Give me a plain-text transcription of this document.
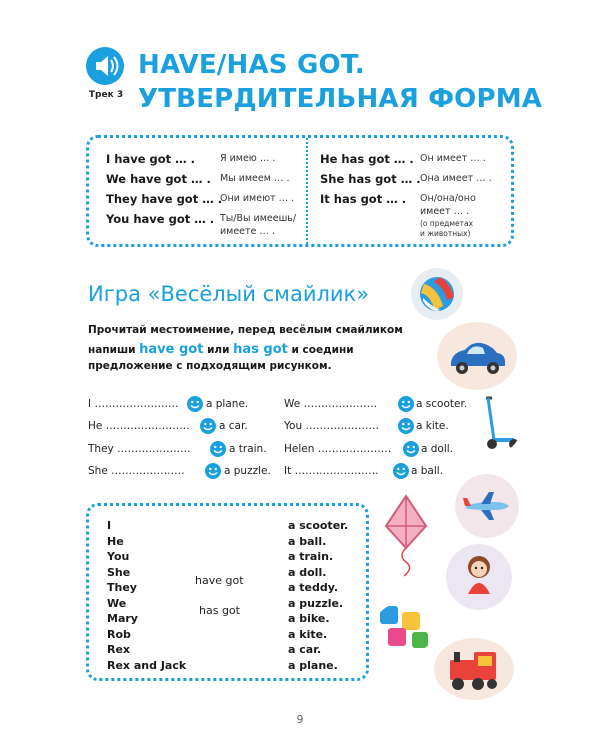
Трек 3
HAVE/HAS GOT.
УТВЕРДИТЕЛЬНАЯ ФОРМА
I have got … .	Я имею … .
We have got … . Мы имеем … .
They have got … .
Они имеют … .
You have got … . Ты/Вы имеешь/
имеете … .
He has got … . Он имеет … .
She has got … . Она имеет … .
It has got … . Он/она/оно
имеет … .
(о предметах
и животных)
Игра «Весёлый смайлик»
Прочитай местоимение, перед весёлым смайликом
напиши have got или has got и соедини
предложение с подходящим рисунком.
I ……………………
He ……………………
They …………………
She …………………
a plane.
a car.
a train.
a puzzle.
We …………………
You …………………
Helen …………………
It ……………………
a scooter.
a kite.
a doll.
a ball.
I
He
You
She
They
We
Mary
Rob
Rex
Rex and Jack
have got
has got
a scooter.
a ball.
a train.
a doll.
a teddy.
a puzzle.
a bike.
a kite.
a car.
a plane.
9
